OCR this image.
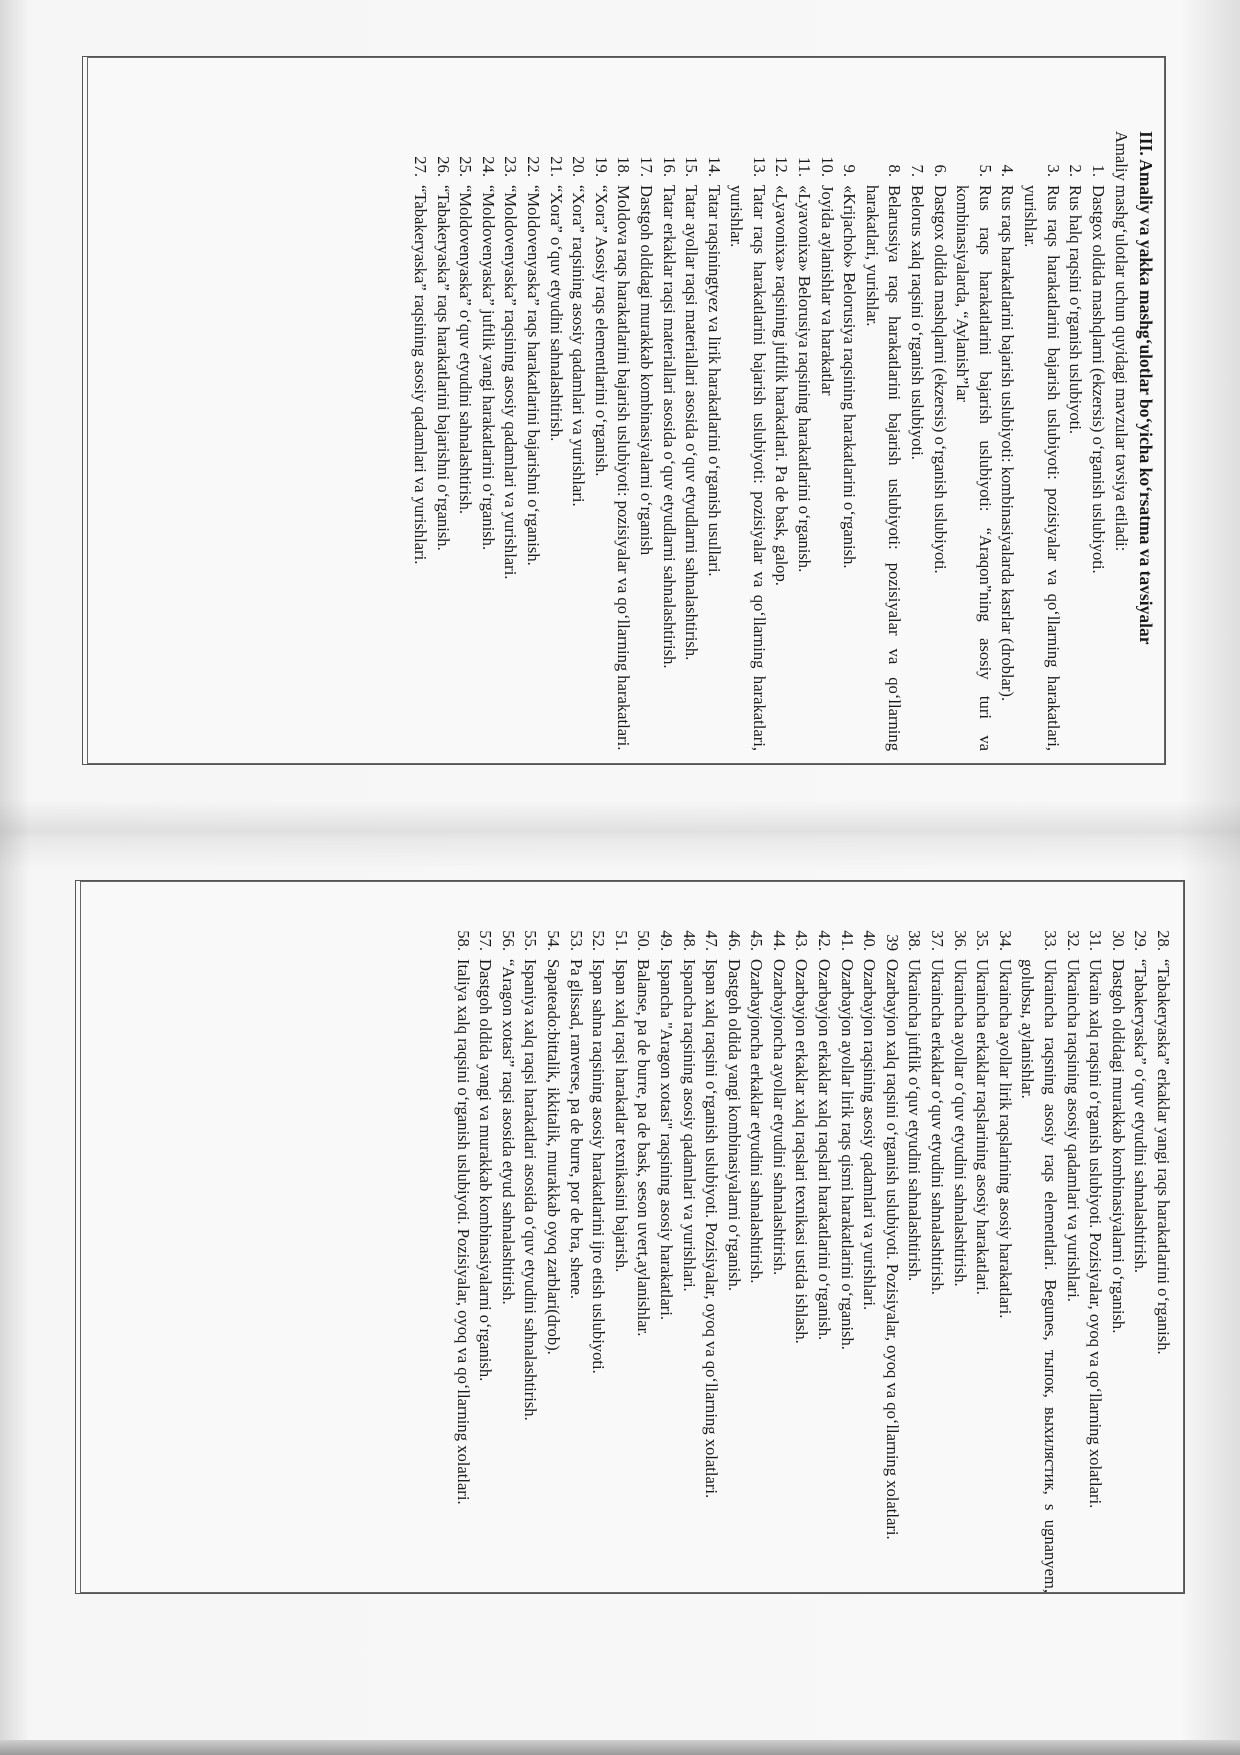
III. Amaliy va yakka mashg‘ulotlar bo‘yicha ko‘rsatma va tavsiyalar
Amaliy mashg‘ulotlar uchun quyidagi mavzular tavsiya etiladi:
1.
Dastgox oldida mashqlarni (ekzersis) o‘rganish uslubiyoti.
2.
Rus halq raqsini o‘rganish uslubiyoti.
3.
Rus raqs harakatlarini bajarish uslubiyoti: pozisiyalar va qo‘llarning harakatlari, yurishlar.
4.
Rus raqs harakatlarini bajarish uslubiyoti: kombinasiyalarda kasrlar (droblar).
5.
Rus raqs harakatlarini bajarish uslubiyoti: “Araqon”ning asosiy turi va kombinasiyalarda, “Aylanish”lar
6.
Dastgox oldida mashqlarni (ekzersis) o‘rganish uslubiyoti.
7.
Belorus xalq raqsini o‘rganish uslubiyoti.
8.
Belarussiya raqs harakatlarini bajarish uslubiyoti: pozisiyalar va qo‘llarning harakatlari, yurishlar.
9.
«Krijachok» Belorusiya raqsining harakatlarini o‘rganish.
10.
Joyida aylanishlar va harakatlar
11.
«Lyavonixa» Belorusiya raqsining harakatlarini o‘rganish.
12.
«Lyavonixa» raqsining juftlik harakatlari. Pa de bask, galop.
13.
Tatar raqs harakatlarini bajarish uslubiyoti: pozisiyalar va qo‘llarning harakatlari, yurishlar.
14.
Tatar raqsiningtyez va lirik harakatlarini o‘rganish usullari.
15.
Tatar ayollar raqsi materiallari asosida o‘quv etyudlarni sahnalashtirish.
16.
Tatar erkaklar raqsi materiallari asosida o‘quv etyudlarni sahnalashtirish.
17.
Dastgoh oldidagi murakkab kombinasiyalarni o‘rganish
18.
Moldova raqs harakatlarini bajarish uslubiyoti: pozisiyalar va qo‘llarning harakatlari.
19.
“Xora” Asosiy raqs elementlarini o‘rganish.
20.
“Xora” raqsining asosiy qadamlari va yurishlari.
21.
“Xora” o‘quv etyudini sahnalashtirish.
22.
“Moldovenyaska” raqs harakatlarini bajarishni o‘rganish.
23.
“Moldovenyaska” raqsining asosiy qadamlari va yurishlari.
24.
“Moldovenyaska” juftlik yangi harakatlarini o‘rganish.
25.
“Moldovenyaska” o‘quv etyudini sahnalashtirish.
26.
“Tabakeryaska” raqs harakatlarini bajarishni o‘rganish.
27.
“Tabakeryaska” raqsining asosiy qadamlari va yurishlari.
28.
“Tabakeryaska” erkaklar yangi raqs harakatlarini o‘rganish.
29.
“Tabakeryaska” o‘quv etyudini sahnalashtirish.
30.
Dastgoh oldidagi murakkab kombinasiyalarni o‘rganish.
31.
Ukrain xalq raqsini o‘rganish uslubiyoti. Pozisiyalar, oyoq va qo‘llarning xolatlari.
32.
Ukraincha raqsining asosiy qadamlari va yurishlari.
33.
Ukraincha raqsning asosiy raqs elementlari. Begunes, тыпок, выхилястик, s ugnanyem, golubsы, aylanishlar.
34.
Ukraincha ayollar lirik raqslarining asosiy harakatlari.
35.
Ukraincha erkaklar raqslarining asosiy harakatlari.
36.
Ukraincha ayollar o‘quv etyudini sahnalashtirish.
37.
Ukraincha erkaklar o‘quv etyudini sahnalashtirish.
38.
Ukraincha juftlik o‘quv etyudini sahnalashtirish.
39
Ozarbayjon xalq raqsini o‘rganish uslubiyoti. Pozisiyalar, oyoq va qo‘llarning xolatlari.
40.
Ozarbayjon raqsining asosiy qadamlari va yurishlari.
41.
Ozarbayjon ayollar lirik raqs qismi harakatlarini o‘rganish.
42.
Ozarbayjon erkaklar xalq raqslari harakatlarini o‘rganish.
43.
Ozarbayjon erkaklar xalq raqslari texnikasi ustida ishlash.
44.
Ozarbayjoncha ayollar etyudini sahnalashtirish.
45.
Ozarbayjoncha erkaklar etyudini sahnalashtirish.
46.
Dastgoh oldida yangi kombinasiyalarni o‘rganish.
47.
Ispan xalq raqsini o‘rganish uslubiyoti. Pozisiyalar, oyoq va qo‘llarning xolatlari.
48.
Ispancha raqsining asosiy qadamlari va yurishlari.
49.
Ispancha "Aragon xotasi" raqsining asosiy harakatlari.
50.
Balanse, pa de burre, pa de bask, seson uvert,aylanishlar.
51.
Ispan xalq raqsi harakatlar texnikasini bajarish.
52.
Ispan sahna raqsining asosiy harakatlarini ijro etish uslubiyoti.
53.
Pa glissad, ranverse, pa de burre, por de bra, shene.
54.
Sapateado:bittalik, ikkitalik, murakkab oyoq zarblari(drob).
55.
Ispaniya xalq raqsi harakatlari asosida o‘quv etyudini sahnalashtirish.
56.
“Aragon xotasi” raqsi asosida etyud sahnalashtirish.
57.
Dastgoh oldida yangi va murakkab kombinasiyalarni o‘rganish.
58.
Italiya xalq raqsini o‘rganish uslubiyoti. Pozisiyalar, oyoq va qo‘llarning xolatlari.
